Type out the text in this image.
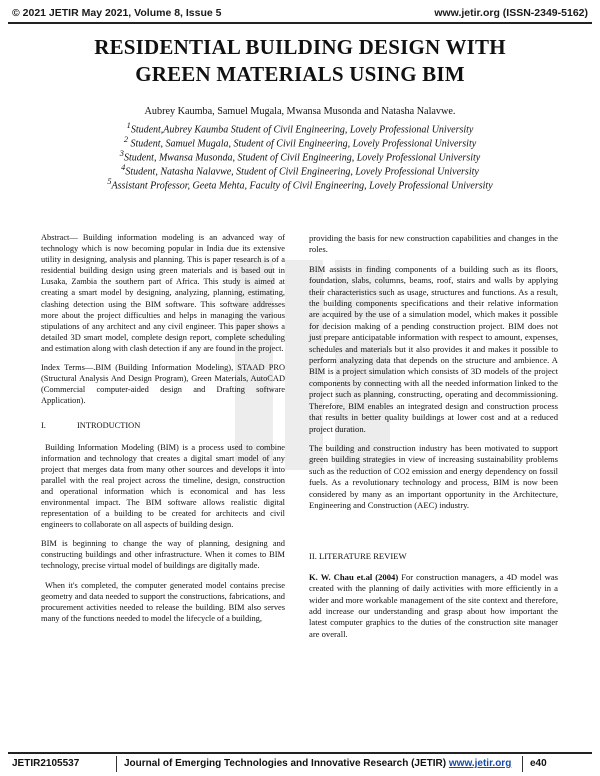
© 2021 JETIR May 2021, Volume 8, Issue 5	www.jetir.org (ISSN-2349-5162)
RESIDENTIAL BUILDING DESIGN WITH
GREEN MATERIALS USING BIM
Aubrey Kaumba, Samuel Mugala, Mwansa Musonda and Natasha Nalavwe.
$^1$Student,Aubrey Kaumba Student of Civil Engineering, Lovely Professional University
$^2$ Student, Samuel Mugala, Student of Civil Engineering, Lovely Professional University
$^3$Student, Mwansa Musonda, Student of Civil Engineering, Lovely Professional University
$^4$Student, Natasha Nalavwe, Student of Civil Engineering, Lovely Professional University
$^5$Assistant Professor, Geeta Mehta, Faculty of Civil Engineering, Lovely Professional University

Abstract— Building information modeling is an advanced way of technology which is now becoming popular in India due its extensive utility in designing, analysis and planning. This is paper research is of a residential building design using green materials and is based out in Lusaka, Zambia the southern part of Africa. This study is aimed at creating a smart model by designing, analyzing, planning, estimating, clashing detection using the BIM software. This software addresses more about the project difficulties and helps in managing the various stipulations of any architect and any civil engineer. This paper shows a detailed 3D smart model, complete design report, complete scheduling and estimation along with clash detection if any are found in the project.

Index Terms—.BIM (Building Information Modeling), STAAD PRO (Structural Analysis And Design Program), Green Materials, AutoCAD (Commercial computer-aided design and Drafting software Application).

I.	INTRODUCTION

Building Information Modeling (BIM) is a process used to combine information and technology that creates a digital smart model of any project that merges data from many other sources and develops it into parallel with the real project across the timeline, design, construction and operational information which is economical and has less environmental impact. The BIM software allows realistic digital representation of a building to be created for architects and civil engineers to collaborate on all aspects of building design.

BIM is beginning to change the way of planning, designing and constructing buildings and other infrastructure. When it comes to BIM technology, precise virtual model of buildings are digitally made.

When it's completed, the computer generated model contains precise geometry and data needed to support the constructions, fabrications, and procurement activities needed to release the building. BIM also serves many of the functions needed to model the lifecycle of a building,

providing the basis for new construction capabilities and changes in the roles.

BIM assists in finding components of a building such as its floors, foundation, slabs, columns, beams, roof, stairs and walls by applying their characteristics such as usage, structures and functions. As a result, the building components specifications and their relative information are acquired by the use of a simulation model, which makes it possible for decision making of a pending construction project. BIM does not just prepare anticipatable information with respect to amount, expenses, schedules and materials but it also provides it and makes it possible to perform analyzing data that depends on the structure and ambience. A BIM is a project simulation which consists of 3D models of the project components by connecting with all the needed information linked to the project such as planning, constructing, operating and decommissioning. Therefore, BIM enables an integrated design and construction process that results in better quality buildings at lower cost and at a reduced project duration.

The building and construction industry has been motivated to support green building strategies in view of increasing sustainability problems such as the reduction of CO2 emission and energy dependency on fossil fuels. As a revolutionary technology and process, BIM is now been considered by many as an important opportunity in the Architecture, Engineering and Construction (AEC) industry.

II. LITERATURE REVIEW

K. W. Chau et.al (2004) For construction managers, a 4D model was created with the planning of daily activities with more efficiently in a wider and more workable management of the site context and therefore, add increase our understanding and grasp about how important the latest computer graphics to the duties of the construction site manager are overall.

JETIR2105537	Journal of Emerging Technologies and Innovative Research (JETIR) www.jetir.org e40
